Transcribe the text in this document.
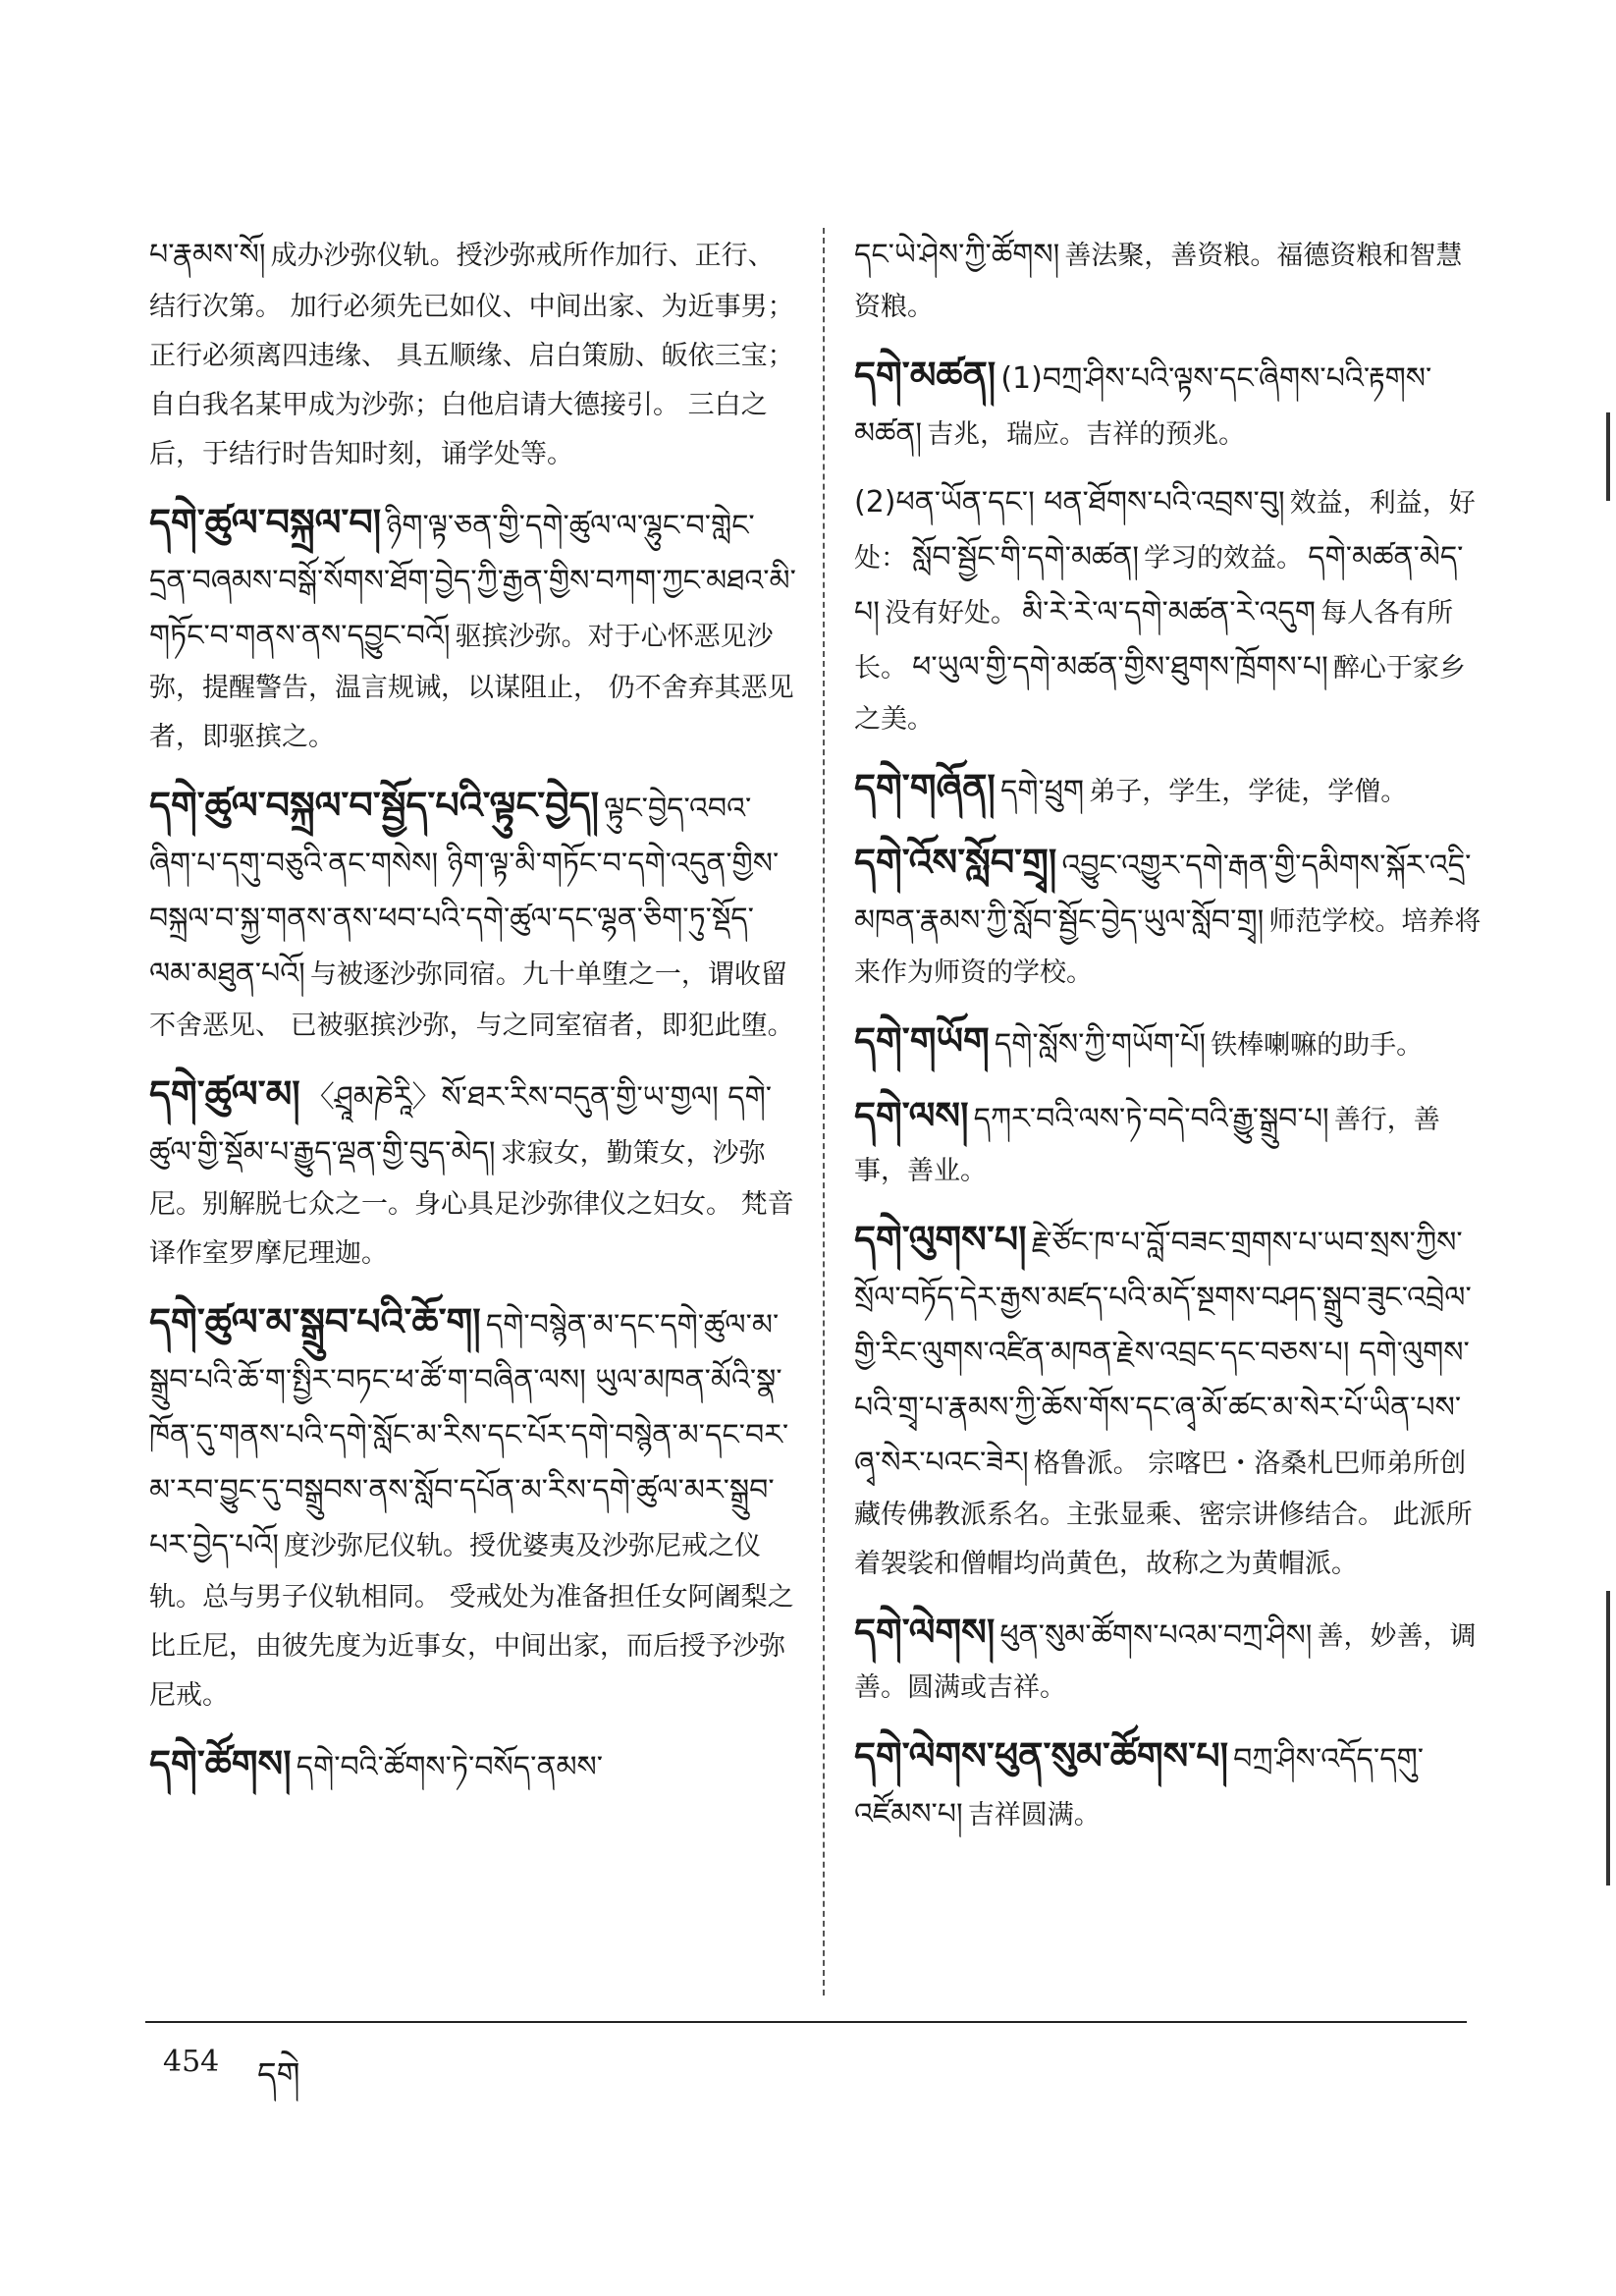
པ་རྣམས་སོ། 成办沙弥仪轨。授沙弥戒所作加行、正行、结行次第。 加行必须先已如仪、中间出家、为近事男；正行必须离四违缘、 具五顺缘、启白策励、皈依三宝； 自白我名某甲成为沙弥；白他启请大德接引。 三白之后，于结行时告知时刻，诵学处等。
དགེ་ཚུལ་བསྐྲལ་བ། ཉིག་ལྟ་ཅན་གྱི་དགེ་ཚུལ་ལ་ལྷུང་བ་གླེང་དྲན་བཞམས་བསྒོ་སོགས་ཐོག་བྱེད་ཀྱི་རྒྱན་གྱིས་བཀག་ཀྱང་མཐའ་མི་གཏོང་བ་གནས་ནས་དབྱུང་བའོ། 驱摈沙弥。对于心怀恶见沙弥，提醒警告，温言规诫，以谋阻止， 仍不舍弃其恶见者，即驱摈之。
དགེ་ཚུལ་བསྐྲལ་བ་སྦྱོད་པའི་ལྟུང་བྱེད། ལྟུང་བྱེད་འབའ་ཞིག་པ་དགུ་བཅུའི་ནང་གསེས། ཉིག་ལྟ་མི་གཏོང་བ་དགེ་འདུན་གྱིས་བསྐྲལ་བ་སྐྱ་གནས་ནས་ཕབ་པའི་དགེ་ཚུལ་དང་ལྷན་ཅིག་ཏུ་སྡོད་ལམ་མཐུན་པའོ། 与被逐沙弥同宿。九十单堕之一，谓收留不舍恶见、 已被驱摈沙弥，与之同室宿者，即犯此堕。
དགེ་ཚུལ་མ། 〈ཤྲཱམཎེརཱི〉སོ་ཐར་རིས་བདུན་གྱི་ཡ་གྱལ། དགེ་ཚུལ་གྱི་སྡོམ་པ་རྒྱུད་ལྡན་གྱི་བུད་མེད། 求寂女，勤策女，沙弥尼。别解脱七众之一。身心具足沙弥律仪之妇女。 梵音译作室罗摩尼理迦。
དགེ་ཚུལ་མ་སྒྲུབ་པའི་ཆོ་ག། དགེ་བསྙེན་མ་དང་དགེ་ཚུལ་མ་སྒྲུབ་པའི་ཆོ་ག་སྤྱིར་བཏང་ཕ་ཚོ་ག་བཞིན་ལས། ཡུལ་མཁན་མོའི་སྣ་ཁོན་དུ་གནས་པའི་དགེ་སློང་མ་རིས་དང་པོར་དགེ་བསྙེན་མ་དང་བར་མ་རབ་བྱུང་དུ་བསྒྲུབས་ནས་སློབ་དཔོན་མ་རིས་དགེ་ཚུལ་མར་སྒྲུབ་པར་བྱེད་པའོ། 度沙弥尼仪轨。授优婆夷及沙弥尼戒之仪轨。总与男子仪轨相同。 受戒处为准备担任女阿阇梨之比丘尼，由彼先度为近事女，中间出家，而后授予沙弥尼戒。
དགེ་ཚོགས། དགེ་བའི་ཚོགས་ཏེ་བསོད་ནམས་
དང་ཡེ་ཤེས་ཀྱི་ཚོགས། 善法聚，善资粮。福德资粮和智慧资粮。
དགེ་མཚན། (1)བཀྲ་ཤིས་པའི་ལྟས་དང་ཞིགས་པའི་རྟགས་མཚན། 吉兆，瑞应。吉祥的预兆。
(2)ཕན་ཡོན་དང་། ཕན་ཐོགས་པའི་འབྲས་བུ། 效益，利益，好处： སློབ་སྦྱོང་གི་དགེ་མཚན། 学习的效益。 དགེ་མཚན་མེད་པ། 没有好处。 མི་རེ་རེ་ལ་དགེ་མཚན་རེ་འདུག 每人各有所长。 ཕ་ཡུལ་གྱི་དགེ་མཚན་གྱིས་ཐུགས་ཁྲོགས་པ། 醉心于家乡之美。
དགེ་གཞོན། དགེ་ཕྲུག 弟子，学生，学徒，学僧。
དགེ་འོས་སློབ་གྲྭ། འབྱུང་འགྱུར་དགེ་རྒན་གྱི་དམིགས་སྐོར་འདྲི་མཁན་རྣམས་ཀྱི་སློབ་སྦྱོང་བྱེད་ཡུལ་སློབ་གྲྭ། 师范学校。培养将来作为师资的学校。
དགེ་གཡོག དགེ་སློས་ཀྱི་གཡོག་པོ། 铁棒喇嘛的助手。
དགེ་ལས། དཀར་བའི་ལས་ཏེ་བདེ་བའི་རྒྱུ་སྒྲུབ་པ། 善行，善事，善业。
དགེ་ལུགས་པ། རྗེ་ཙོང་ཁ་པ་བློ་བཟང་གྲགས་པ་ཡབ་སྲས་ཀྱིས་སྲོལ་བཏོད་དེར་རྒྱས་མཛད་པའི་མདོ་སྔགས་བཤད་སྒྲུབ་ཟུང་འབྲེལ་གྱི་རིང་ལུགས་འཛིན་མཁན་རྗེས་འབྲང་དང་བཅས་པ། དགེ་ལུགས་པའི་གྲྭ་པ་རྣམས་ཀྱི་ཆོས་གོས་དང་ཞྭ་མོ་ཚང་མ་སེར་པོ་ཡིན་པས་ཞྭ་སེར་པའང་ཟེར། 格鲁派。 宗喀巴・洛桑札巴师弟所创藏传佛教派系名。主张显乘、密宗讲修结合。 此派所着袈裟和僧帽均尚黄色，故称之为黄帽派。
དགེ་ལེགས། ཕུན་སུམ་ཚོགས་པའམ་བཀྲ་ཤིས། 善，妙善，调善。圆满或吉祥。
དགེ་ལེགས་ཕུན་སུམ་ཚོགས་པ། བཀྲ་ཤིས་འདོད་དགུ་འཛོམས་པ། 吉祥圆满。
454 དགེ
